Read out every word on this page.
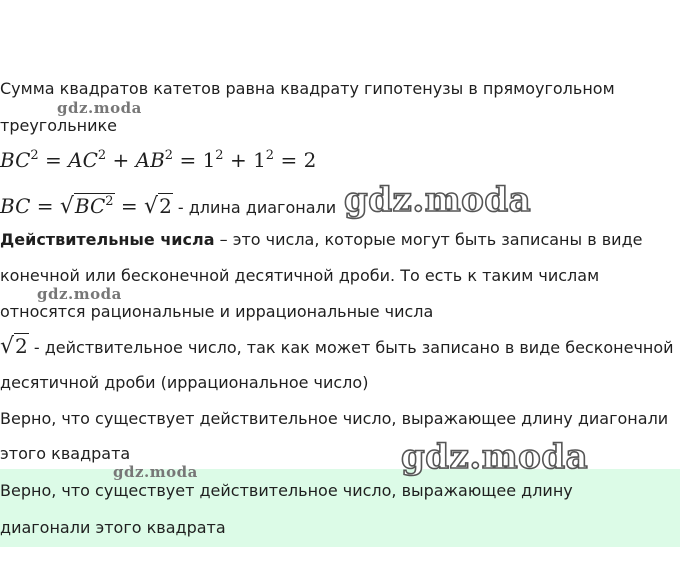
Сумма квадратов катетов равна квадрату гипотенузы в прямоугольном
треугольнике
$BC^2 = AC^2 + AB^2 = 1^2 + 1^2 = 2$
BC = $√BC^2 = √2$ - длина диагонали
Действительные числа – это числа, которые могут быть записаны в виде
конечной или бесконечной десятичной дроби. То есть к таким числам
относятся рациональные и иррациональные числа
√2 - действительное число, так как может быть записано в виде бесконечной
десятичной дроби (иррациональное число)
Верно, что существует действительное число, выражающее длину диагонали
этого квадрата
Верно, что существует действительное число, выражающее длину
диагонали этого квадрата
gdz.moda
gdz.moda
gdz.moda
gdz.moda
gdz.moda
